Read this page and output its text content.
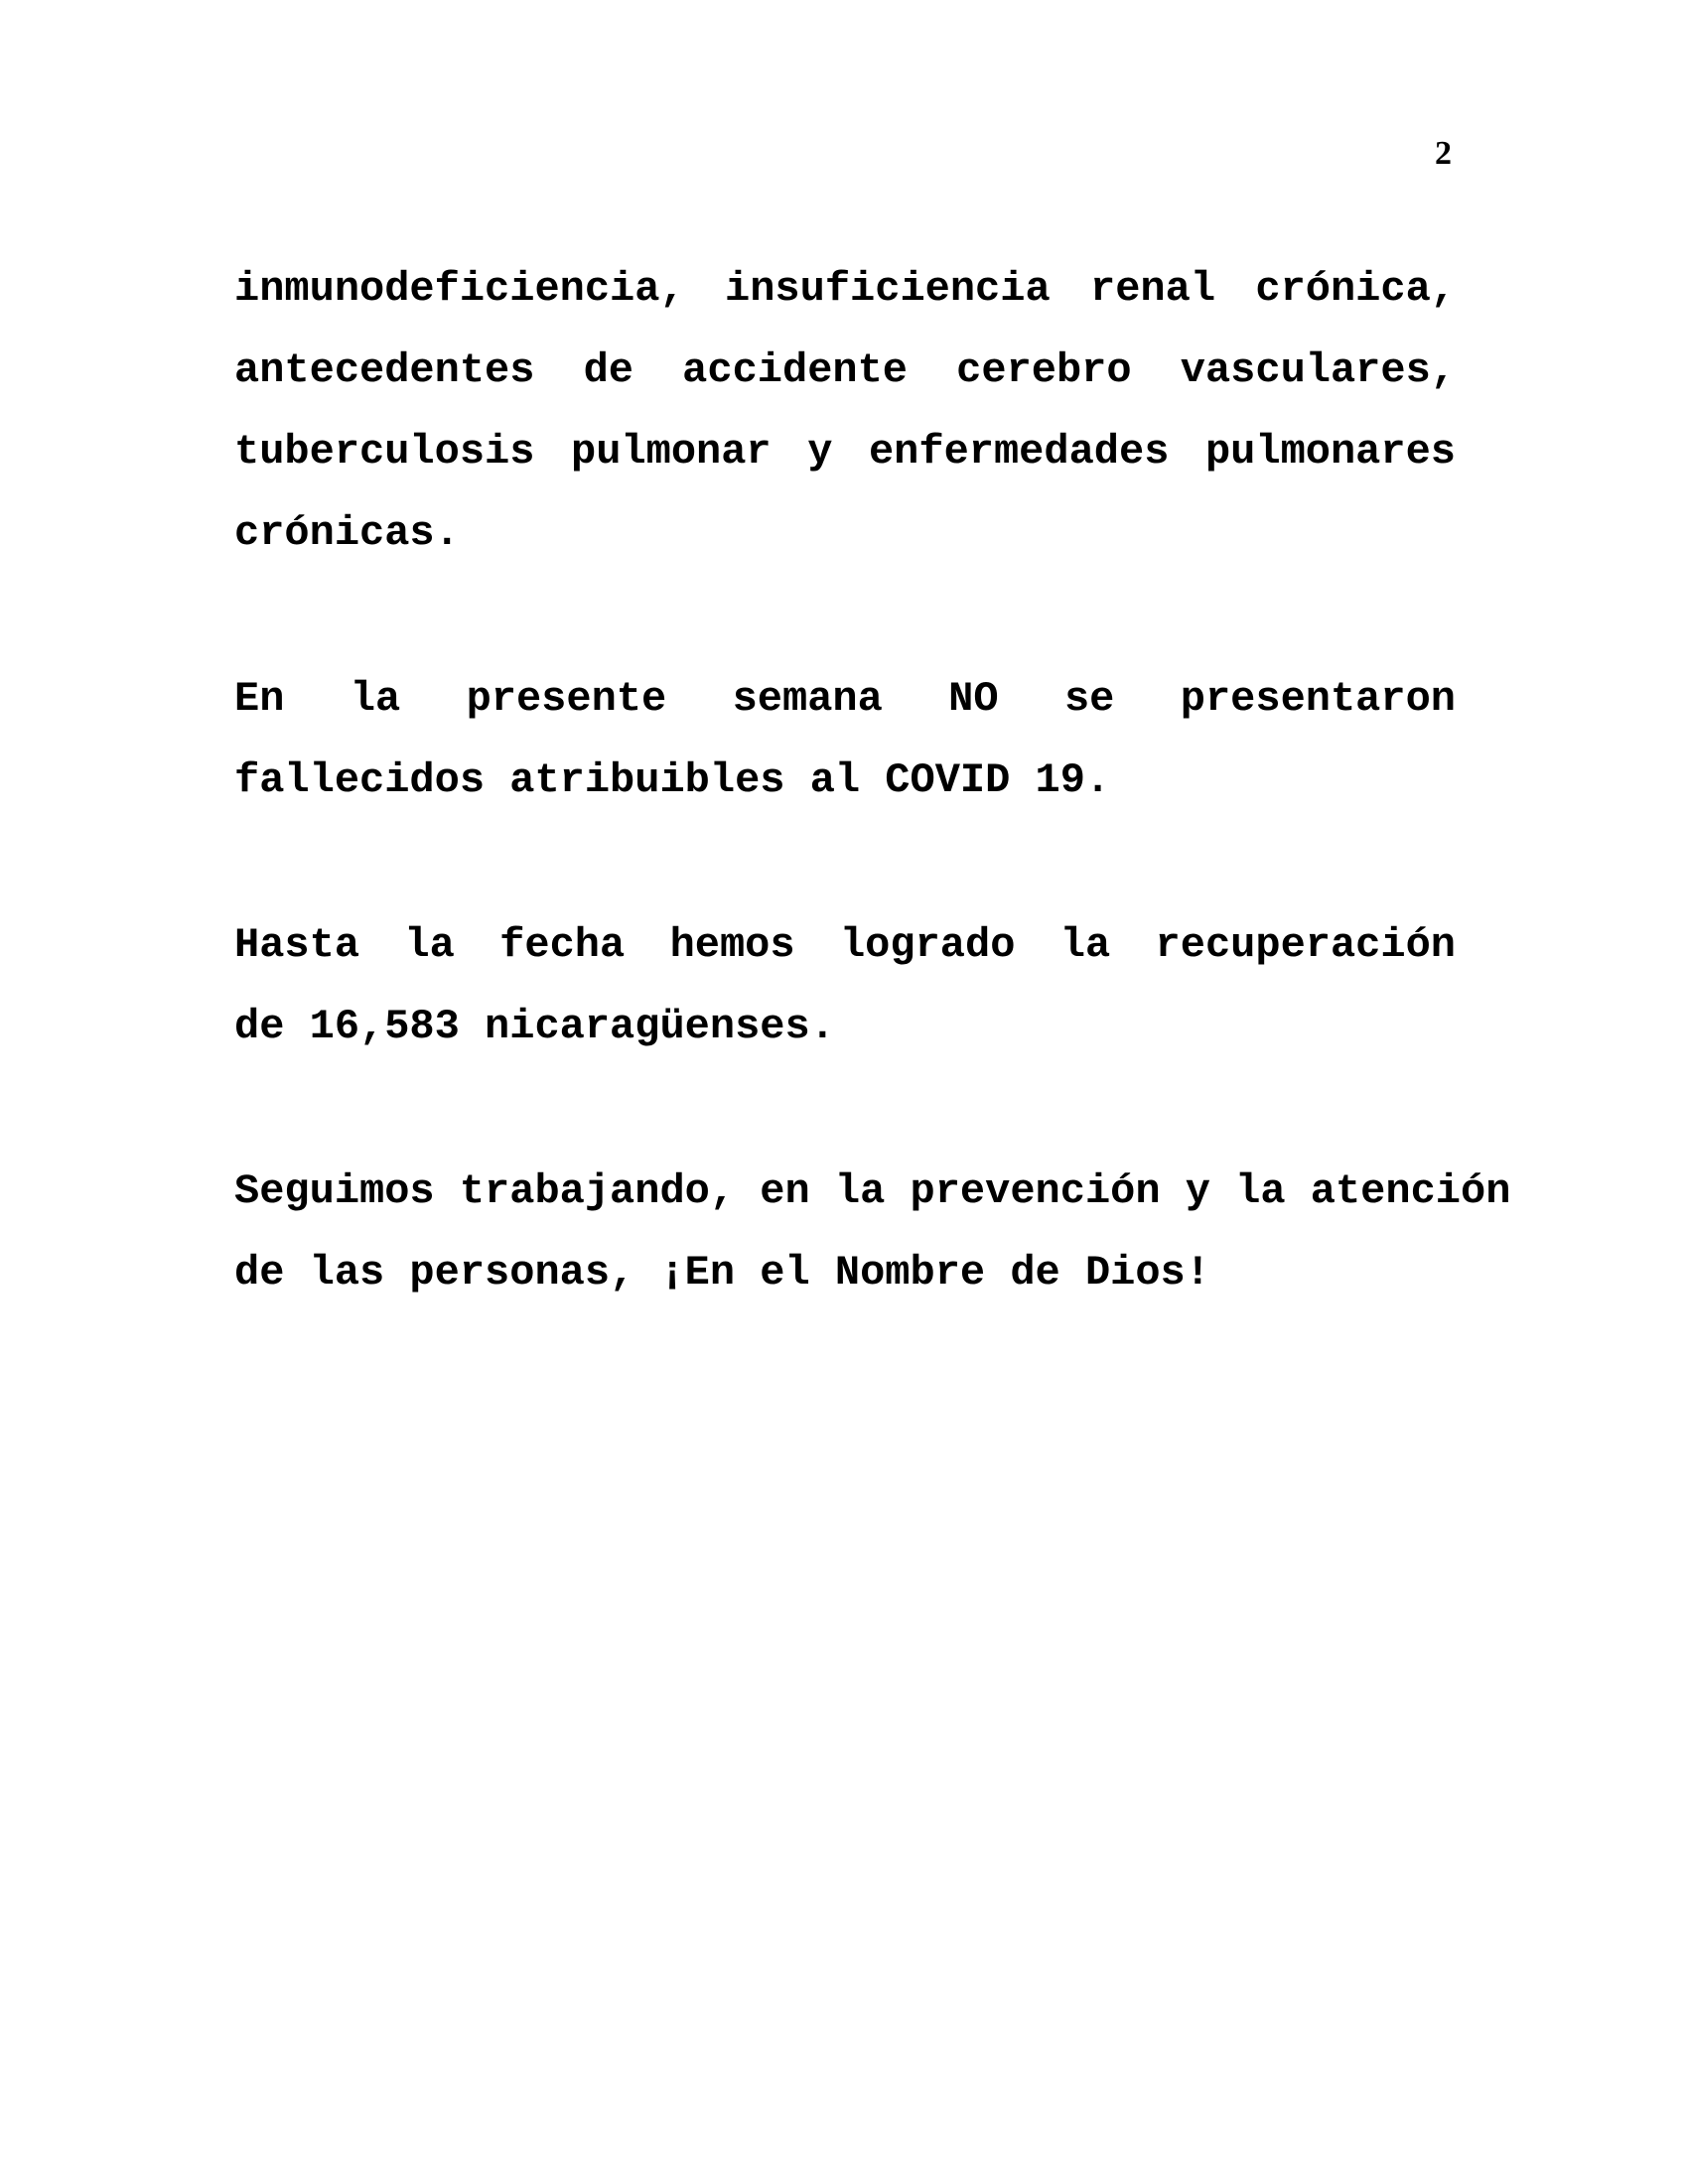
2
inmunodeficiencia, insuficiencia renal crónica,
antecedentes de accidente cerebro vasculares,
tuberculosis pulmonar y enfermedades pulmonares
crónicas.
En la presente semana NO se presentaron
fallecidos atribuibles al COVID 19.
Hasta la fecha hemos logrado la recuperación
de 16,583 nicaragüenses.
Seguimos trabajando, en la prevención y la atención
de las personas, ¡En el Nombre de Dios!
